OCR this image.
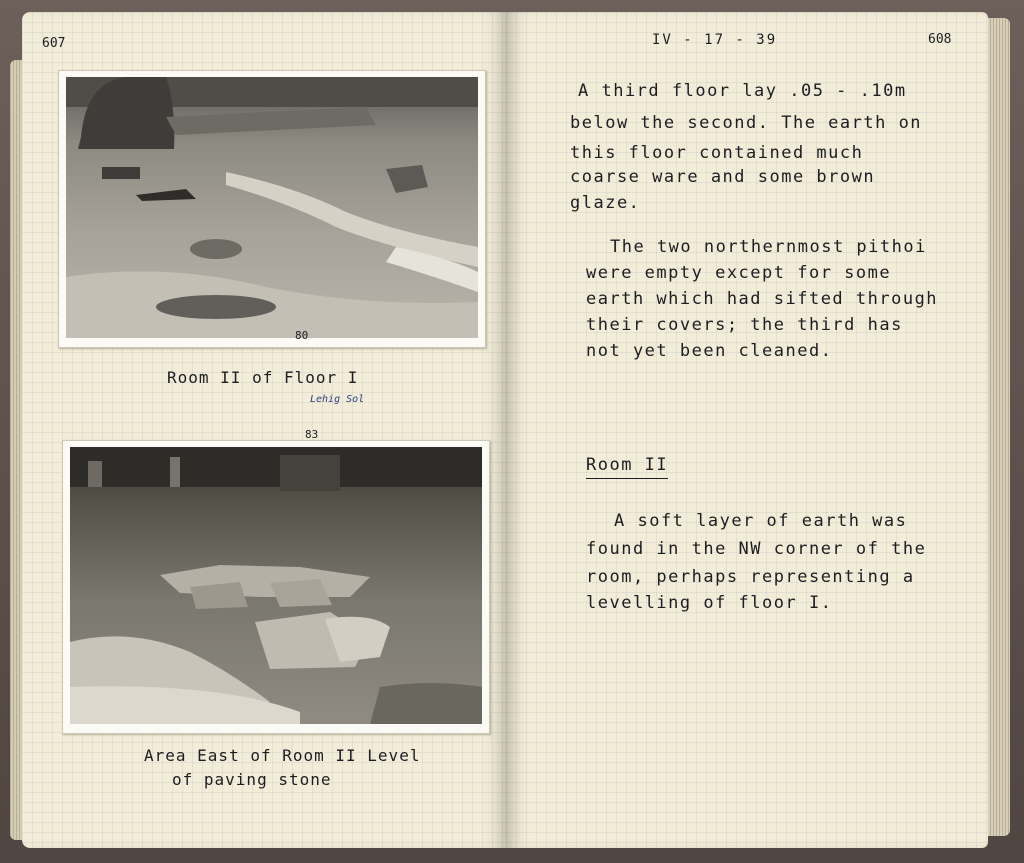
607
80
Room II of Floor I
Lehig Sol
83
Area East of Room II Level
of paving stone
IV - 17 - 39	608
A third floor lay .05 - .10m
below the second. The earth on
this floor contained much
coarse ware and some brown
glaze.
The two northernmost pithoi
were empty except for some
earth which had sifted through
their covers; the third has
not yet been cleaned.
Room II
A soft layer of earth was
found in the NW corner of the
room, perhaps representing a
levelling of floor I.
